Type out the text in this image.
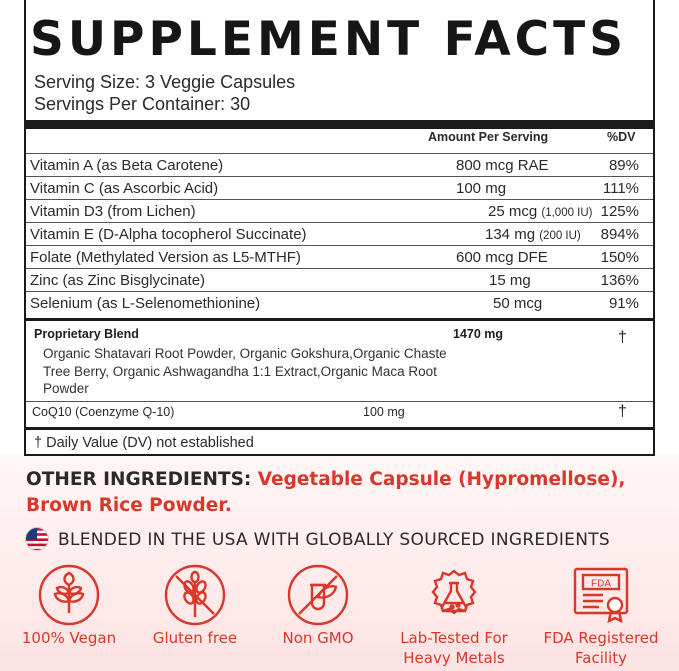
SUPPLEMENT FACTS
Serving Size: 3 Veggie Capsules
Servings Per Container: 30
Amount Per Serving	%DV
Vitamin A (as Beta Carotene)	800 mcg RAE	89%
Vitamin C (as Ascorbic Acid)	100 mg	111%
Vitamin D3 (from Lichen)	25 mcg (1,000 IU) 125%
Vitamin E (D-Alpha tocopherol Succinate)	134 mg (200 IU) 894%
Folate (Methylated Version as L5-MTHF)	600 mcg DFE	150%
Zinc (as Zinc Bisglycinate)	15 mg	136%
Selenium (as L-Selenomethionine)	50 mcg	91%
Proprietary Blend	1470 mg	†
Organic Shatavari Root Powder, Organic Gokshura,Organic Chaste Tree Berry, Organic Ashwagandha 1:1 Extract,Organic Maca Root Powder
CoQ10 (Coenzyme Q-10)	100 mg	†
† Daily Value (DV) not established
OTHER INGREDIENTS: Vegetable Capsule (Hypromellose), Brown Rice Powder.
BLENDED IN THE USA WITH GLOBALLY SOURCED INGREDIENTS
FDA
100% Vegan	Gluten free	Non GMO	Lab-Tested For Heavy Metals
FDA Registered Facility
